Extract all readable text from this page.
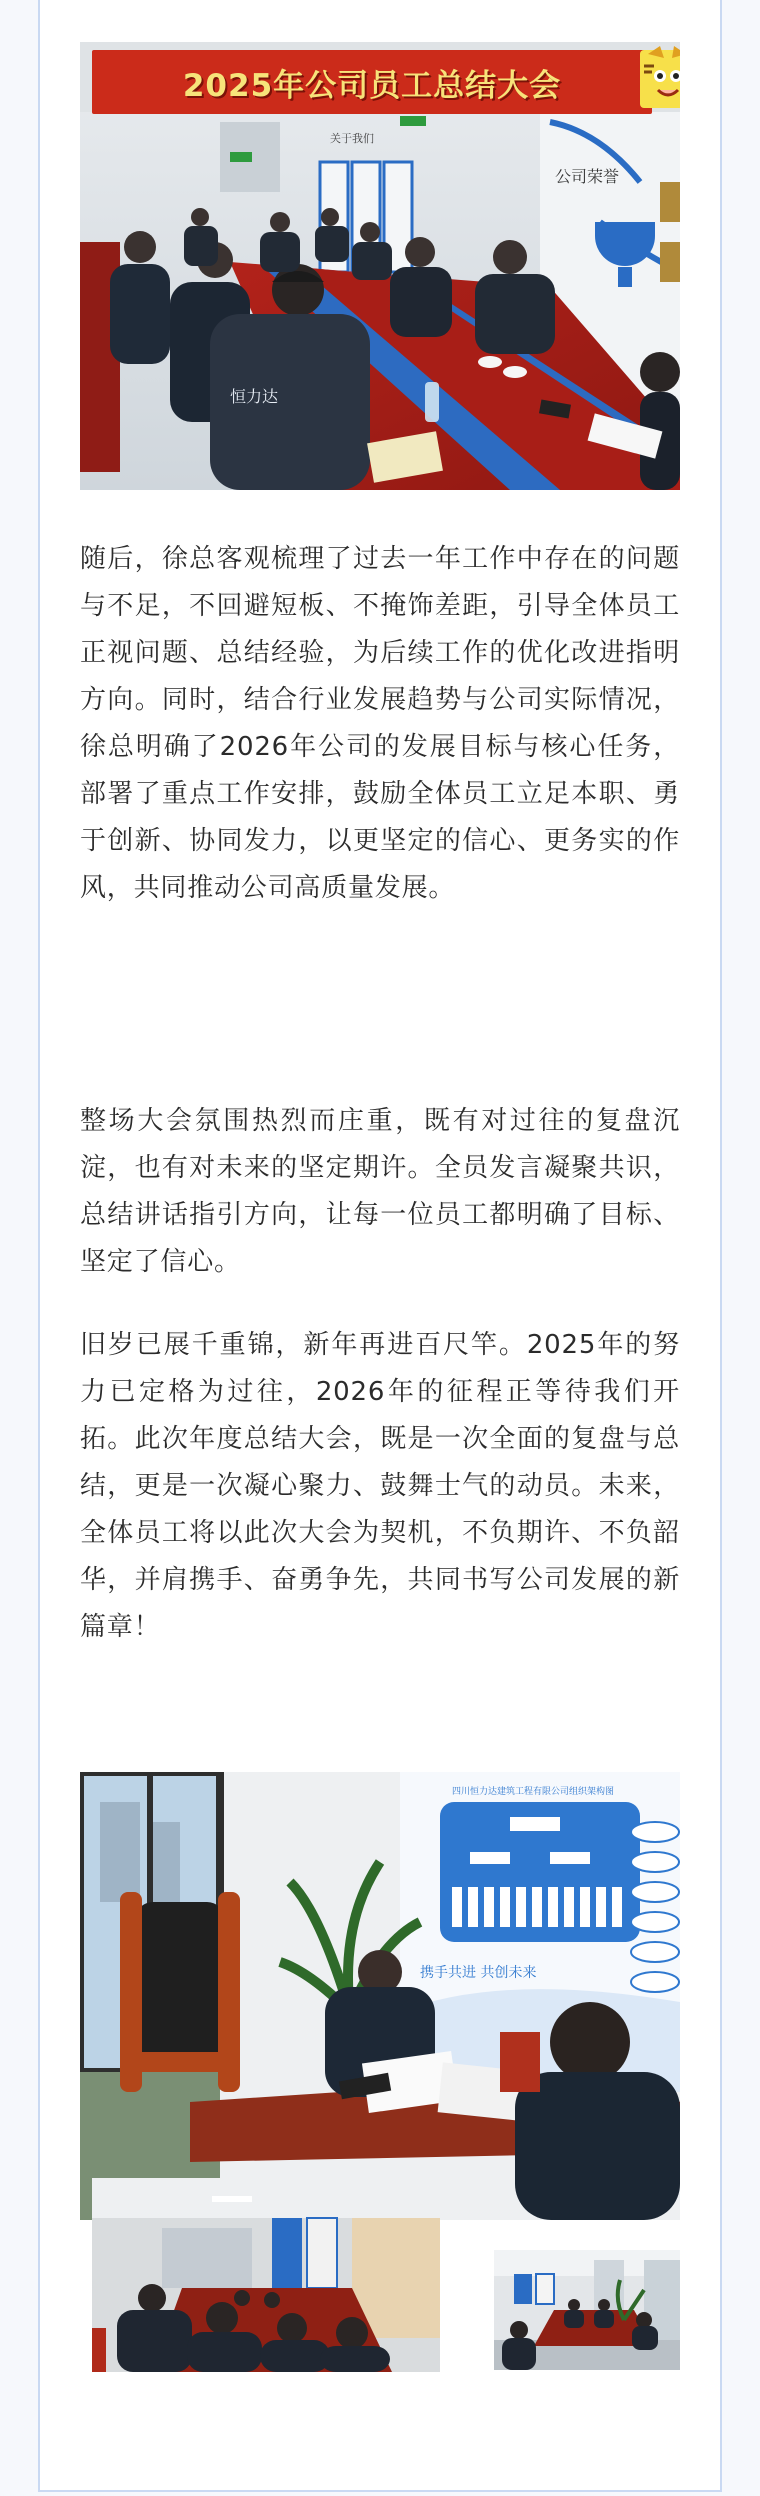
关于我们
公司荣誉
恒力达
2025年公司员工总结大会
随后，徐总客观梳理了过去一年工作中存在的问题与不足，不回避短板、不掩饰差距，引导全体员工正视问题、总结经验，为后续工作的优化改进指明方向。同时，结合行业发展趋势与公司实际情况，徐总明确了2026年公司的发展目标与核心任务，部署了重点工作安排，鼓励全体员工立足本职、勇于创新、协同发力，以更坚定的信心、更务实的作风，共同推动公司高质量发展。
整场大会氛围热烈而庄重，既有对过往的复盘沉淀，也有对未来的坚定期许。全员发言凝聚共识，总结讲话指引方向，让每一位员工都明确了目标、坚定了信心。
旧岁已展千重锦，新年再进百尺竿。2025年的努力已定格为过往，2026年的征程正等待我们开拓。此次年度总结大会，既是一次全面的复盘与总结，更是一次凝心聚力、鼓舞士气的动员。未来，全体员工将以此次大会为契机，不负期许、不负韶华，并肩携手、奋勇争先，共同书写公司发展的新篇章！
四川恒力达建筑工程有限公司组织架构图
携手共进 共创未来
